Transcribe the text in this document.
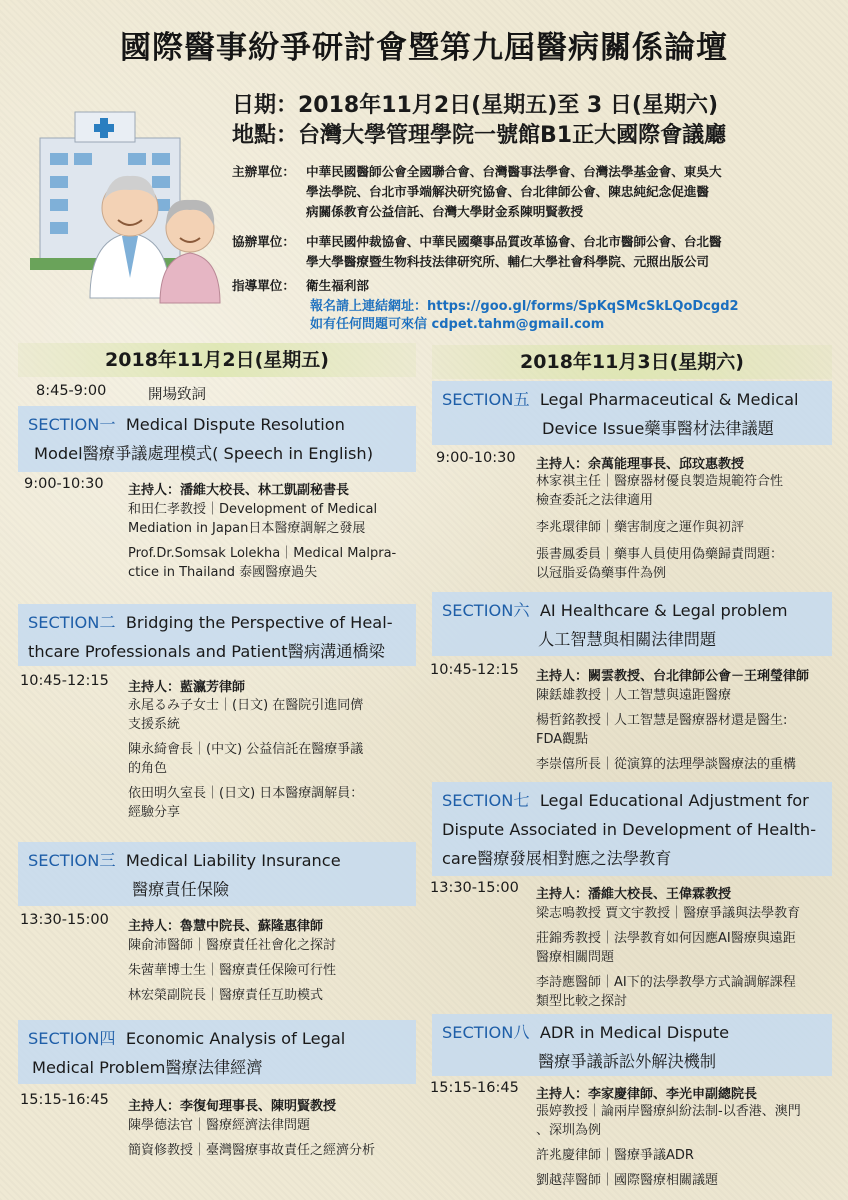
國際醫事紛爭研討會暨第九屆醫病關係論壇
日期：2018年11月2日(星期五)至 3 日(星期六)
地點：台灣大學管理學院一號館B1正大國際會議廳
主辦單位： 中華民國醫師公會全國聯合會、台灣醫事法學會、台灣法學基金會、東吳大
學法學院、台北市爭端解決研究協會、台北律師公會、陳忠純紀念促進醫
病關係教育公益信託、台灣大學財金系陳明賢教授
協辦單位： 中華民國仲裁協會、中華民國藥事品質改革協會、台北市醫師公會、台北醫
學大學醫療暨生物科技法律研究所、輔仁大學社會科學院、元照出版公司
指導單位： 衛生福利部
報名請上連結網址：https://goo.gl/forms/SpKqSMcSkLQoDcgd2
如有任何問題可來信 cdpet.tahm@gmail.com
2018年11月2日(星期五)
8:45-9:00	開場致詞
SECTION一 Medical Dispute Resolution
Model醫療爭議處理模式( Speech in English)
9:00-10:30 主持人：潘維大校長、林工凱副秘書長
和田仁孝教授｜Development of Medical
Mediation in Japan日本醫療調解之發展
Prof.Dr.Somsak Lolekha｜Medical Malpra-
ctice in Thailand 泰國醫療過失
SECTION二 Bridging the Perspective of Heal-
thcare Professionals and Patient醫病溝通橋梁
10:45-12:15 主持人：藍瀛芳律師
永尾るみ子女士｜(日文) 在醫院引進同儕
支援系統
陳永綺會長｜(中文) 公益信託在醫療爭議
的角色
依田明久室長｜(日文) 日本醫療調解員：
經驗分享
SECTION三 Medical Liability Insurance
醫療責任保險
13:30-15:00 主持人：魯慧中院長、蘇隆惠律師
陳俞沛醫師｜醫療責任社會化之探討
朱蒏華博士生｜醫療責任保險可行性
林宏榮副院長｜醫療責任互助模式
SECTION四 Economic Analysis of Legal
Medical Problem醫療法律經濟
15:15-16:45 主持人：李復甸理事長、陳明賢教授
陳學德法官｜醫療經濟法律問題
簡資修教授｜臺灣醫療事故責任之經濟分析
2018年11月3日(星期六)
SECTION五 Legal Pharmaceutical & Medical
Device Issue藥事醫材法律議題
9:00-10:30 主持人：余萬能理事長、邱玟惠教授
林家祺主任｜醫療器材優良製造規範符合性
檢查委託之法律適用
李兆環律師｜藥害制度之運作與初評
張書鳳委員｜藥事人員使用偽藥歸責問題：
以冠脂妥偽藥事件為例
SECTION六 AI Healthcare & Legal problem
人工智慧與相關法律問題
10:45-12:15 主持人：闕雲教授、台北律師公會－王琍瑩律師
陳銩雄教授｜人工智慧與遠距醫療
楊哲銘教授｜人工智慧是醫療器材還是醫生:
FDA觀點
李崇僖所長｜從演算的法理學談醫療法的重構
SECTION七 Legal Educational Adjustment for
Dispute Associated in Development of Health-
care醫療發展相對應之法學教育
13:30-15:00 主持人：潘維大校長、王偉霖教授
梁志鳴教授 賈文宇教授｜醫療爭議與法學教育
莊錦秀教授｜法學教育如何因應AI醫療與遠距
醫療相關問題
李詩應醫師｜AI下的法學教學方式論調解課程
類型比較之探討
SECTION八 ADR in Medical Dispute
醫療爭議訴訟外解決機制
15:15-16:45 主持人：李家慶律師、李光申副總院長
張婷教授｜論兩岸醫療糾紛法制-以香港、澳門
、深圳為例
許兆慶律師｜醫療爭議ADR
劉越萍醫師｜國際醫療相關議題
